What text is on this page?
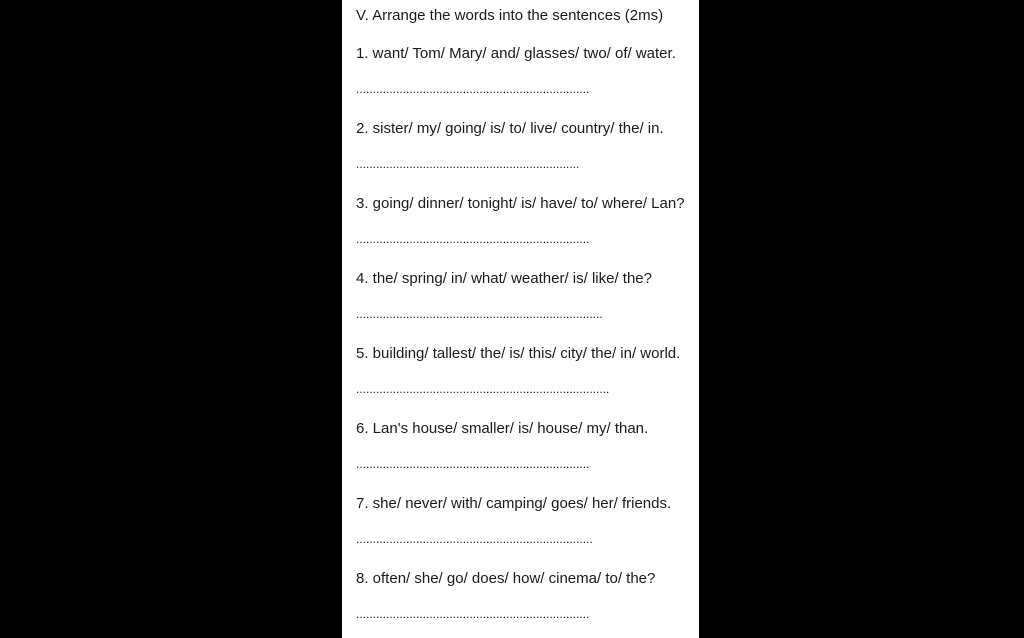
V. Arrange the words into the sentences (2ms)
1. want/ Tom/ Mary/ and/ glasses/ two/ of/ water.
......................................................................
2. sister/ my/ going/ is/ to/ live/ country/ the/ in.
...................................................................
3. going/ dinner/ tonight/ is/ have/ to/ where/ Lan?
......................................................................
4. the/ spring/ in/ what/ weather/ is/ like/ the?
..........................................................................
5. building/ tallest/ the/ is/ this/ city/ the/ in/ world.
............................................................................
6. Lan's house/ smaller/ is/ house/ my/ than.
......................................................................
7. she/ never/ with/ camping/ goes/ her/ friends.
.......................................................................
8. often/ she/ go/ does/ how/ cinema/ to/ the?
......................................................................
